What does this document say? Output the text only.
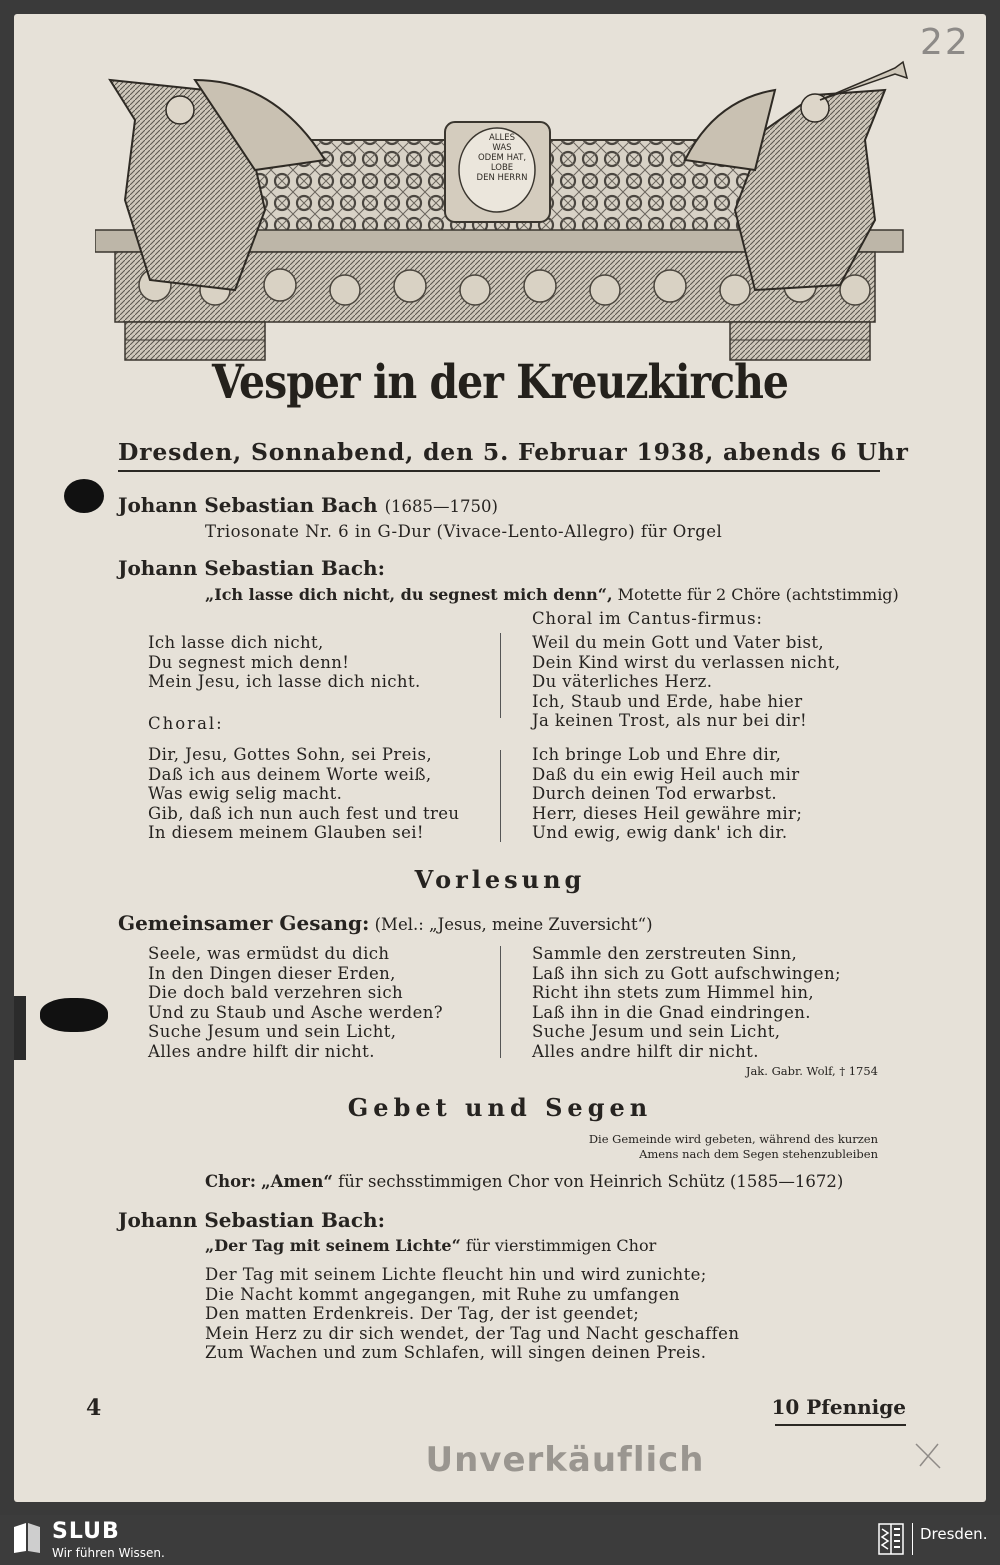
ALLES
WAS
ODEM HAT,
LOBE
DEN HERRN
22
Vesper in der Kreuzkirche
Dresden, Sonnabend, den 5. Februar 1938, abends 6 Uhr
Johann Sebastian Bach (1685—1750)
Triosonate Nr. 6 in G-Dur (Vivace-Lento-Allegro) für Orgel
Johann Sebastian Bach:
„Ich lasse dich nicht, du segnest mich denn“, Motette für 2 Chöre (achtstimmig)
Choral im Cantus-firmus:
Ich lasse dich nicht,
Du segnest mich denn!
Mein Jesu, ich lasse dich nicht.
Weil du mein Gott und Vater bist,
Dein Kind wirst du verlassen nicht,
Du väterliches Herz.
Ich, Staub und Erde, habe hier
Ja keinen Trost, als nur bei dir!
Choral:
Dir, Jesu, Gottes Sohn, sei Preis,
Daß ich aus deinem Worte weiß,
Was ewig selig macht.
Gib, daß ich nun auch fest und treu
In diesem meinem Glauben sei!
Ich bringe Lob und Ehre dir,
Daß du ein ewig Heil auch mir
Durch deinen Tod erwarbst.
Herr, dieses Heil gewähre mir;
Und ewig, ewig dank' ich dir.
Vorlesung
Gemeinsamer Gesang: (Mel.: „Jesus, meine Zuversicht“)
Seele, was ermüdst du dich
In den Dingen dieser Erden,
Die doch bald verzehren sich
Und zu Staub und Asche werden?
Suche Jesum und sein Licht,
Alles andre hilft dir nicht.
Sammle den zerstreuten Sinn,
Laß ihn sich zu Gott aufschwingen;
Richt ihn stets zum Himmel hin,
Laß ihn in die Gnad eindringen.
Suche Jesum und sein Licht,
Alles andre hilft dir nicht.
Jak. Gabr. Wolf, † 1754
Gebet und Segen
Die Gemeinde wird gebeten, während des kurzen
Amens nach dem Segen stehenzubleiben
Chor: „Amen“ für sechsstimmigen Chor von Heinrich Schütz (1585—1672)
Johann Sebastian Bach:
„Der Tag mit seinem Lichte“ für vierstimmigen Chor
Der Tag mit seinem Lichte fleucht hin und wird zunichte;
Die Nacht kommt angegangen, mit Ruhe zu umfangen
Den matten Erdenkreis. Der Tag, der ist geendet;
Mein Herz zu dir sich wendet, der Tag und Nacht geschaffen
Zum Wachen und zum Schlafen, will singen deinen Preis.
4	10 Pfennige
Unverkäuflich
SLUB
Wir führen Wissen.
Dresden.
